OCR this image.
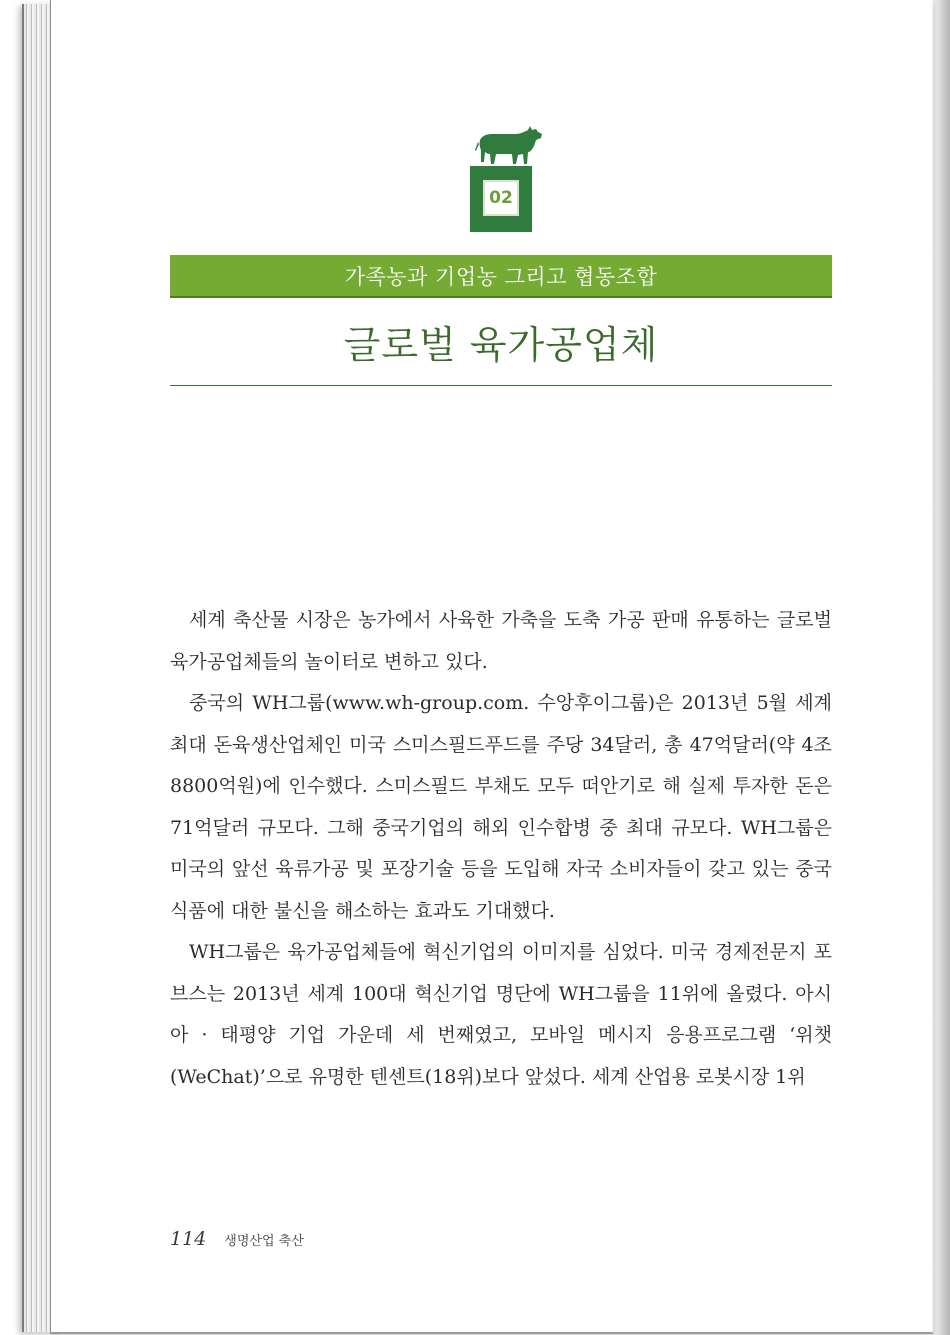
02
가족농과 기업농 그리고 협동조합
글로벌 육가공업체

세계 축산물 시장은 농가에서 사육한 가축을 도축 가공 판매 유통하는 글로벌 육가공업체들의 놀이터로 변하고 있다.

중국의 WH그룹(www.wh-group.com. 수앙후이그룹)은 2013년 5월 세계 최대 돈육생산업체인 미국 스미스필드푸드를 주당 34달러, 총 47억달러(약 4조8800억원)에 인수했다. 스미스필드 부채도 모두 떠안기로 해 실제 투자한 돈은 71억달러 규모다. 그해 중국기업의 해외 인수합병 중 최대 규모다. WH그룹은 미국의 앞선 육류가공 및 포장기술 등을 도입해 자국 소비자들이 갖고 있는 중국식품에 대한 불신을 해소하는 효과도 기대했다.

WH그룹은 육가공업체들에 혁신기업의 이미지를 심었다. 미국 경제전문지 포브스는 2013년 세계 100대 혁신기업 명단에 WH그룹을 11위에 올렸다. 아시아 · 태평양 기업 가운데 세 번째였고, 모바일 메시지 응용프로그램 ‘위챗(WeChat)’으로 유명한 텐센트(18위)보다 앞섰다. 세계 산업용 로봇시장 1위

114 생명산업 축산
